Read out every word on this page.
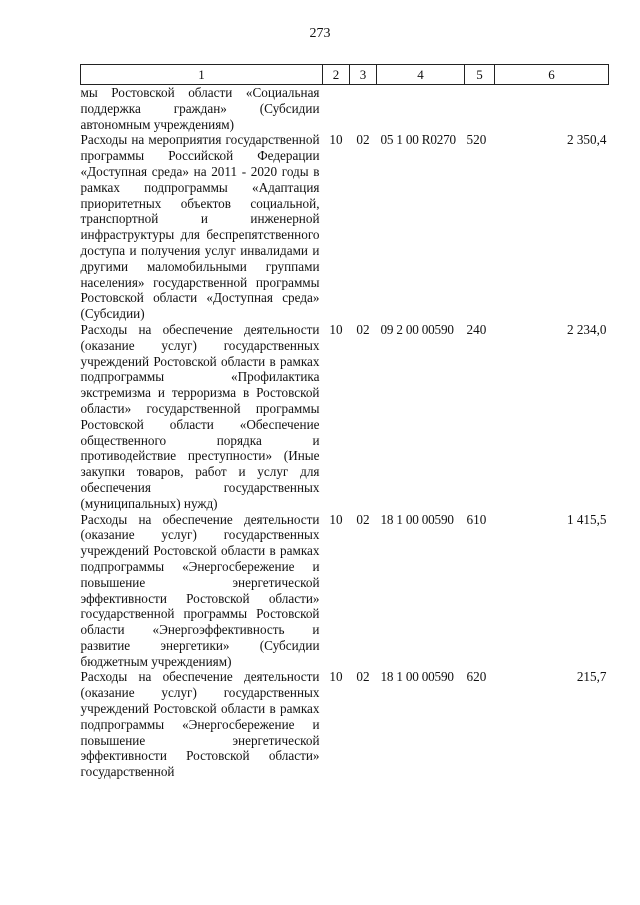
273
1	2	3	4	5	6
мы Ростовской области «Социальная поддержка граждан» (Субсидии автономным учреждениям)					
Расходы на мероприятия государственной программы Российской Федерации «Доступная среда» на 2011 - 2020 годы в рамках подпрограммы «Адаптация приоритетных объектов социальной, транспортной и инженерной инфраструктуры для беспрепятственного доступа и получения услуг инвалидами и другими маломобильными группами населения» государственной программы Ростовской области «Доступная среда» (Субсидии)	10	02	05 1 00 R0270	520	2 350,4
Расходы на обеспечение деятельности (оказание услуг) государственных учреждений Ростовской области в рамках подпрограммы «Профилактика экстремизма и терроризма в Ростовской области» государственной программы Ростовской области «Обеспечение общественного порядка и противодействие преступности» (Иные закупки товаров, работ и услуг для обеспечения государственных (муниципальных) нужд)	10	02	09 2 00 00590	240	2 234,0
Расходы на обеспечение деятельности (оказание услуг) государственных учреждений Ростовской области в рамках подпрограммы «Энергосбережение и повышение энергетической эффективности Ростовской области» государственной программы Ростовской области «Энергоэффективность и развитие энергетики» (Субсидии бюджетным учреждениям)	10	02	18 1 00 00590	610	1 415,5
Расходы на обеспечение деятельности (оказание услуг) государственных учреждений Ростовской области в рамках подпрограммы «Энергосбережение и повышение энергетической эффективности Ростовской области» государственной	10	02	18 1 00 00590	620	215,7
